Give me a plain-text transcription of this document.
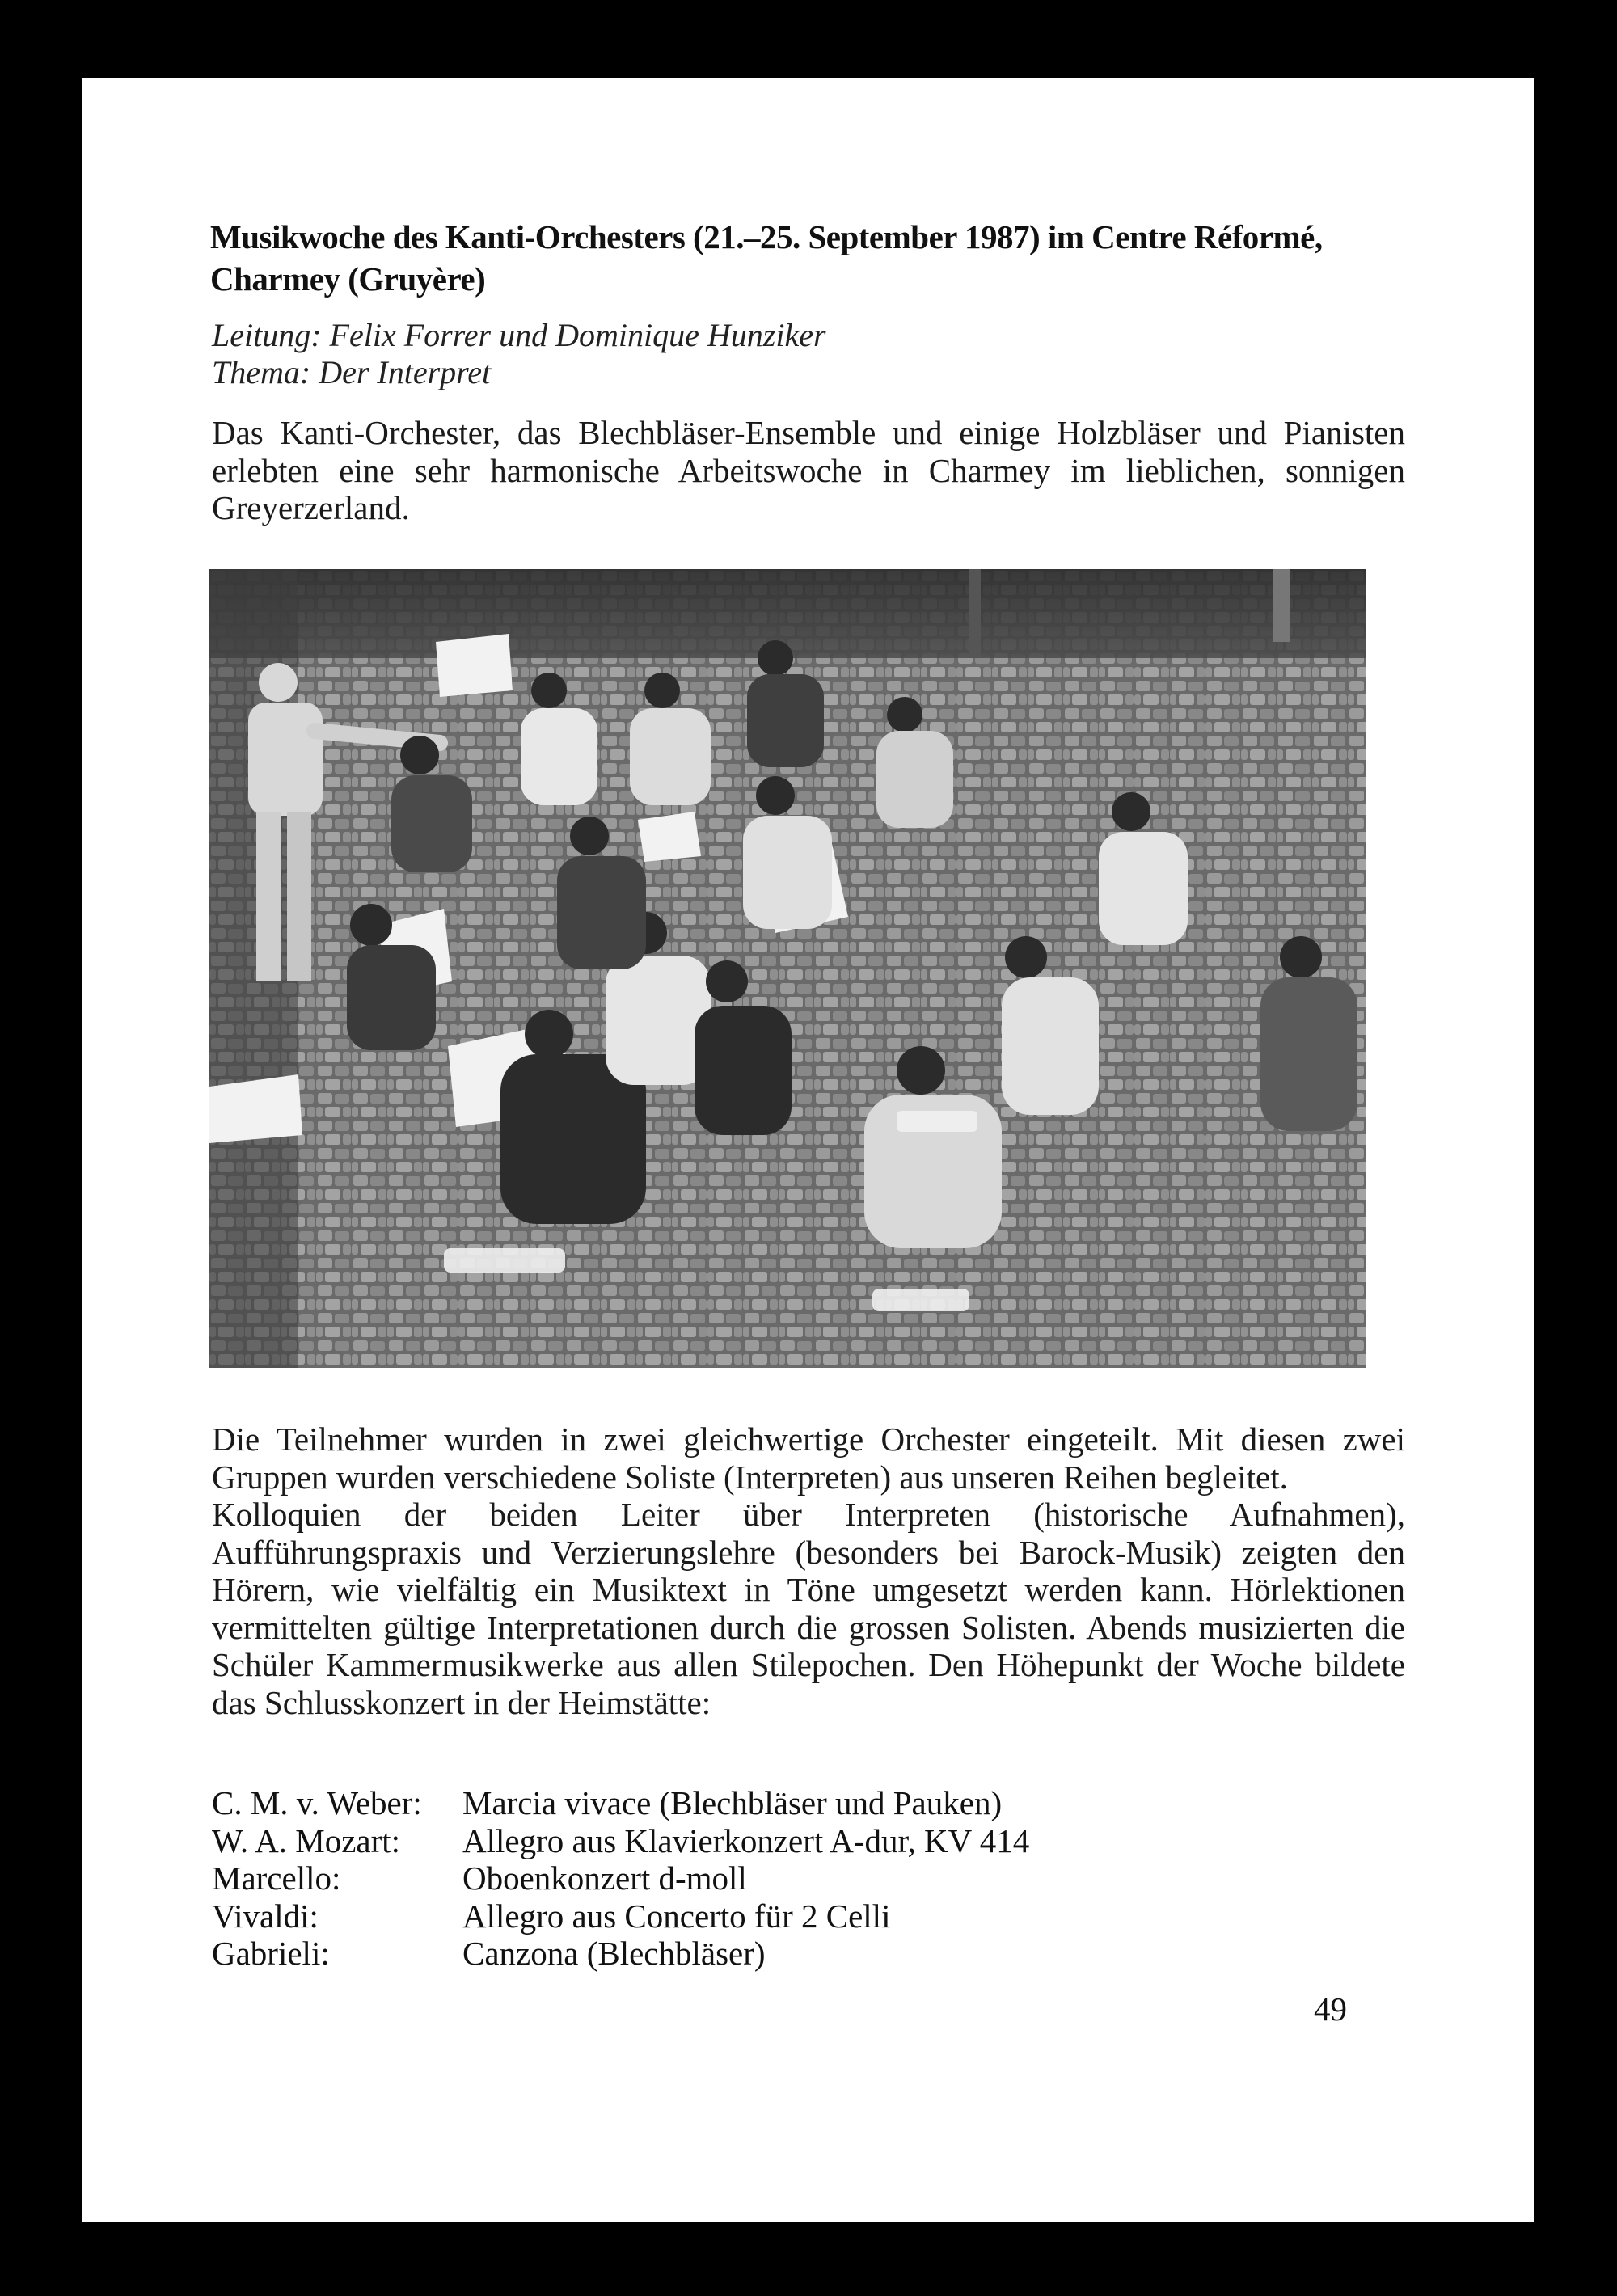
Musikwoche des Kanti-Orchesters (21.–25. September 1987) im Centre Réformé, Charmey (Gruyère)
Leitung: Felix Forrer und Dominique Hunziker
Thema: Der Interpret
Das Kanti-Orchester, das Blechbläser-Ensemble und einige Holzbläser und Pianisten erlebten eine sehr harmonische Arbeitswoche in Charmey im lieblichen, sonnigen Greyerzerland.

Die Teilnehmer wurden in zwei gleichwertige Orchester eingeteilt. Mit diesen zwei Gruppen wurden verschiedene Soliste (Interpreten) aus unseren Reihen begleitet.

Kolloquien der beiden Leiter über Interpreten (historische Aufnahmen), Aufführungspraxis und Verzierungslehre (besonders bei Barock-Musik) zeigten den Hörern, wie vielfältig ein Musiktext in Töne umgesetzt werden kann. Hörlektionen vermittelten gültige Interpretationen durch die grossen Solisten. Abends musizierten die Schüler Kammermusikwerke aus allen Stilepochen. Den Höhepunkt der Woche bildete das Schlusskonzert in der Heimstätte:

C. M. v. Weber:	Marcia vivace (Blechbläser und Pauken)
W. A. Mozart:	Allegro aus Klavierkonzert A-dur, KV 414
Marcello:	Oboenkonzert d-moll
Vivaldi:	Allegro aus Concerto für 2 Celli
Gabrieli:	Canzona (Blechbläser)
49
